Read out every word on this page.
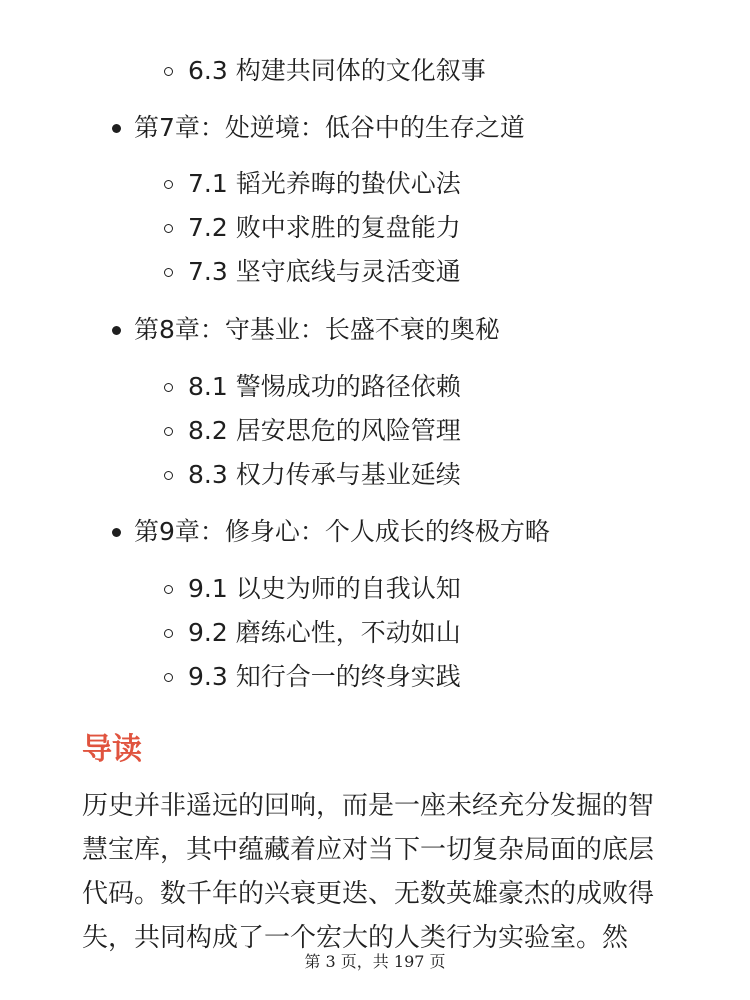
6.3 构建共同体的文化叙事
第7章：处逆境：低谷中的生存之道
7.1 韬光养晦的蛰伏心法
7.2 败中求胜的复盘能力
7.3 坚守底线与灵活变通
第8章：守基业：长盛不衰的奥秘
8.1 警惕成功的路径依赖
8.2 居安思危的风险管理
8.3 权力传承与基业延续
第9章：修身心：个人成长的终极方略
9.1 以史为师的自我认知
9.2 磨练心性，不动如山
9.3 知行合一的终身实践
导读
历史并非遥远的回响，而是一座未经充分发掘的智
慧宝库，其中蕴藏着应对当下一切复杂局面的底层
代码。数千年的兴衰更迭、无数英雄豪杰的成败得
失，共同构成了一个宏大的人类行为实验室。然
第 3 页，共 197 页
